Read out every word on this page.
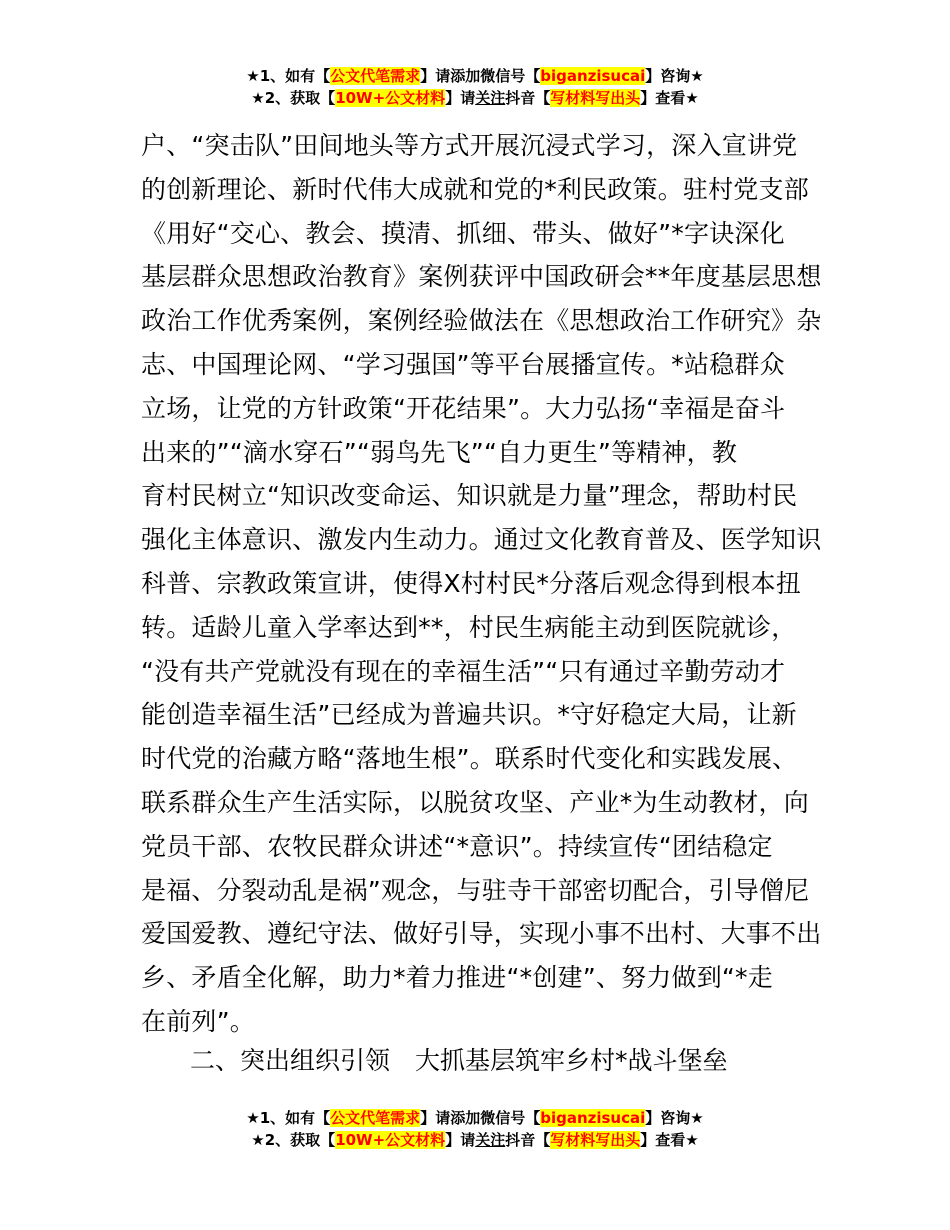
★1、如有【公文代笔需求】请添加微信号【biganzisucai】咨询★
★2、获取【10W+公文材料】请关注抖音【写材料写出头】查看★
户、“突击队”田间地头等方式开展沉浸式学习，深入宣讲党
的创新理论、新时代伟大成就和党的*利民政策。驻村党支部
《用好“交心、教会、摸清、抓细、带头、做好”*字诀深化
基层群众思想政治教育》案例获评中国政研会**年度基层思想
政治工作优秀案例，案例经验做法在《思想政治工作研究》杂
志、中国理论网、“学习强国”等平台展播宣传。*站稳群众
立场，让党的方针政策“开花结果”。大力弘扬“幸福是奋斗
出来的”“滴水穿石”“弱鸟先飞”“自力更生”等精神，教
育村民树立“知识改变命运、知识就是力量”理念，帮助村民
强化主体意识、激发内生动力。通过文化教育普及、医学知识
科普、宗教政策宣讲，使得X村村民*分落后观念得到根本扭
转。适龄儿童入学率达到**，村民生病能主动到医院就诊，
“没有共产党就没有现在的幸福生活”“只有通过辛勤劳动才
能创造幸福生活”已经成为普遍共识。*守好稳定大局，让新
时代党的治藏方略“落地生根”。联系时代变化和实践发展、
联系群众生产生活实际，以脱贫攻坚、产业*为生动教材，向
党员干部、农牧民群众讲述“*意识”。持续宣传“团结稳定
是福、分裂动乱是祸”观念，与驻寺干部密切配合，引导僧尼
爱国爱教、遵纪守法、做好引导，实现小事不出村、大事不出
乡、矛盾全化解，助力*着力推进“*创建”、努力做到“*走
在前列”。
二、突出组织引领　大抓基层筑牢乡村*战斗堡垒
★1、如有【公文代笔需求】请添加微信号【biganzisucai】咨询★
★2、获取【10W+公文材料】请关注抖音【写材料写出头】查看★
